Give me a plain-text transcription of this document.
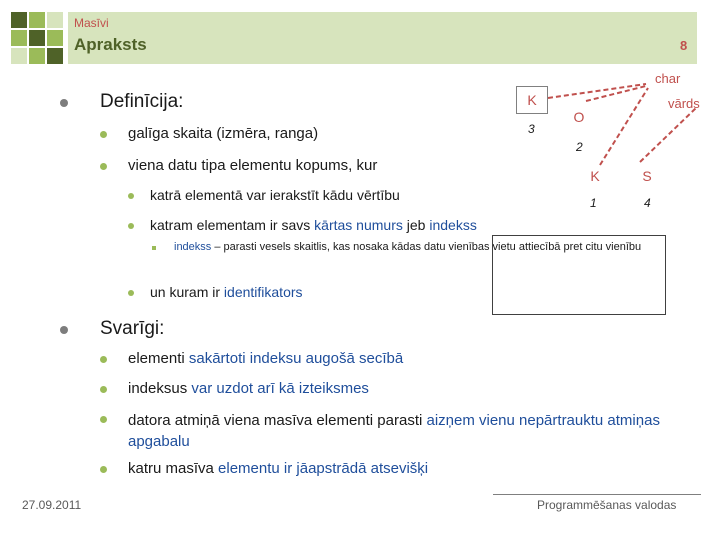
Masīvi
Apraksts	8
Definīcija:
galīga skaita (izmēra, ranga)
viena datu tipa elementu kopums, kur
katrā elementā var ierakstīt kādu vērtību
katram elementam ir savs kārtas numurs jeb indekss
indekss – parasti vesels skaitlis, kas nosaka kādas datu vienības vietu attiecībā pret citu vienību
un kuram ir identifikators
Svarīgi:
elementi sakārtoti indeksu augošā secībā
indeksus var uzdot arī kā izteiksmes
datora atmiņā viena masīva elementi parasti aizņem vienu nepārtrauktu atmiņas apgabalu
katru masīva elementu ir jāapstrādā atsevišķi
K
3
char
vārds
O
2
K
1
S
4
27.09.2011	Programmēšanas valodas
